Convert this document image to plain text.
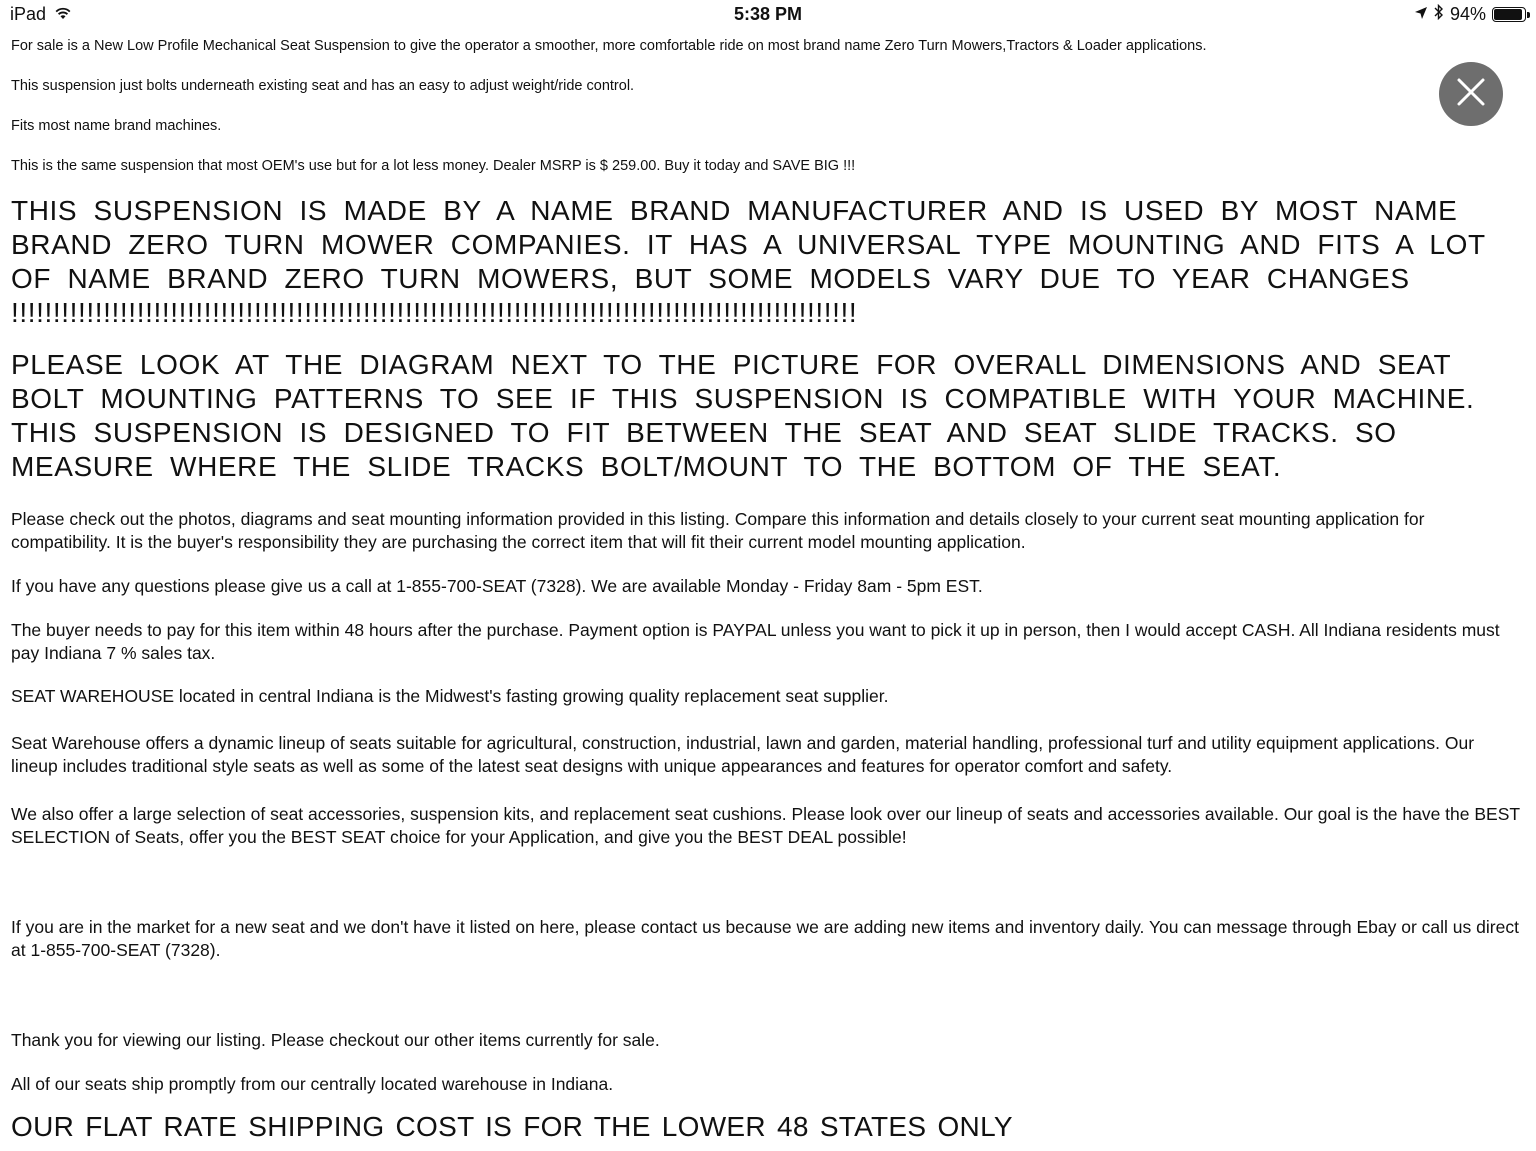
iPad	5:38 PM	94%

For sale is a New Low Profile Mechanical Seat Suspension to give the operator a smoother, more comfortable ride on most brand name Zero Turn Mowers,Tractors & Loader applications.

This suspension just bolts underneath existing seat and has an easy to adjust weight/ride control.

Fits most name brand machines.

This is the same suspension that most OEM's use but for a lot less money. Dealer MSRP is $ 259.00. Buy it today and SAVE BIG !!!

THIS SUSPENSION IS MADE BY A NAME BRAND MANUFACTURER AND IS USED BY MOST NAME BRAND ZERO TURN MOWER COMPANIES. IT HAS A UNIVERSAL TYPE MOUNTING AND FITS A LOT OF NAME BRAND ZERO TURN MOWERS, BUT SOME MODELS VARY DUE TO YEAR CHANGES !!!!!!!!!!!!!!!!!!!!!!!!!!!!!!!!!!!!!!!!!!!!!!!!!!!!!!!!!!!!!!!!!!!!!!!!!!!!!!!!!!!!!!!!!!!!!!!!!!!!!

PLEASE LOOK AT THE DIAGRAM NEXT TO THE PICTURE FOR OVERALL DIMENSIONS AND SEAT BOLT MOUNTING PATTERNS TO SEE IF THIS SUSPENSION IS COMPATIBLE WITH YOUR MACHINE. THIS SUSPENSION IS DESIGNED TO FIT BETWEEN THE SEAT AND SEAT SLIDE TRACKS. SO MEASURE WHERE THE SLIDE TRACKS BOLT/MOUNT TO THE BOTTOM OF THE SEAT.

Please check out the photos, diagrams and seat mounting information provided in this listing. Compare this information and details closely to your current seat mounting application for compatibility. It is the buyer's responsibility they are purchasing the correct item that will fit their current model mounting application.

If you have any questions please give us a call at 1-855-700-SEAT (7328). We are available Monday - Friday 8am - 5pm EST.

The buyer needs to pay for this item within 48 hours after the purchase. Payment option is PAYPAL unless you want to pick it up in person, then I would accept CASH. All Indiana residents must pay Indiana 7 % sales tax.

SEAT WAREHOUSE located in central Indiana is the Midwest's fasting growing quality replacement seat supplier.

Seat Warehouse offers a dynamic lineup of seats suitable for agricultural, construction, industrial, lawn and garden, material handling, professional turf and utility equipment applications. Our lineup includes traditional style seats as well as some of the latest seat designs with unique appearances and features for operator comfort and safety.

We also offer a large selection of seat accessories, suspension kits, and replacement seat cushions. Please look over our lineup of seats and accessories available. Our goal is the have the BEST SELECTION of Seats, offer you the BEST SEAT choice for your Application, and give you the BEST DEAL possible!

If you are in the market for a new seat and we don't have it listed on here, please contact us because we are adding new items and inventory daily. You can message through Ebay or call us direct at 1-855-700-SEAT (7328).

Thank you for viewing our listing. Please checkout our other items currently for sale.

All of our seats ship promptly from our centrally located warehouse in Indiana.

OUR FLAT RATE SHIPPING COST IS FOR THE LOWER 48 STATES ONLY
